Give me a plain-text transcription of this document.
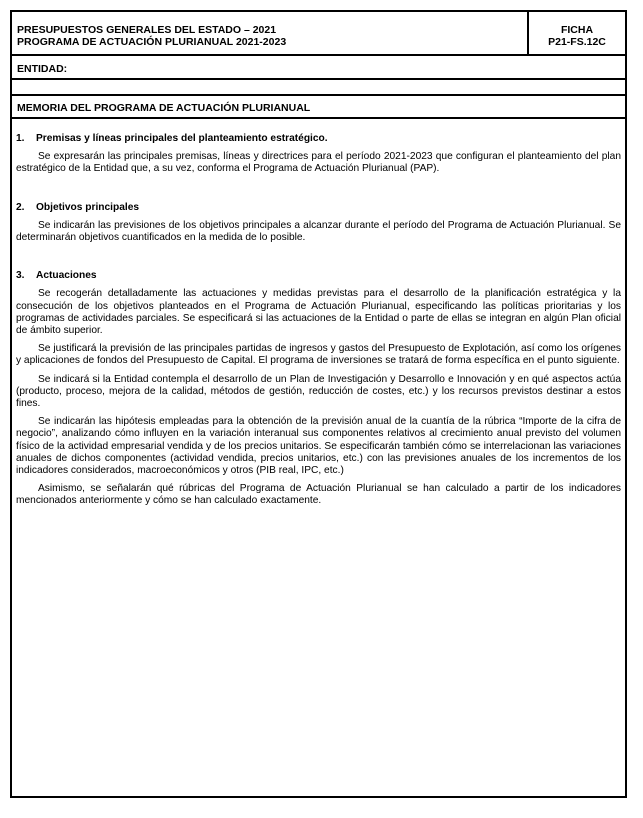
PRESUPUESTOS GENERALES DEL ESTADO – 2021
PROGRAMA DE ACTUACIÓN PLURIANUAL 2021-2023
FICHA
P21-FS.12C
ENTIDAD:
MEMORIA DEL PROGRAMA DE ACTUACIÓN PLURIANUAL
1. Premisas y líneas principales del planteamiento estratégico.

Se expresarán las principales premisas, líneas y directrices para el período 2021-2023 que configuran el planteamiento del plan estratégico de la Entidad que, a su vez, conforma el Programa de Actuación Plurianual (PAP).

2. Objetivos principales

Se indicarán las previsiones de los objetivos principales a alcanzar durante el período del Programa de Actuación Plurianual. Se determinarán objetivos cuantificados en la medida de lo posible.

3. Actuaciones

Se recogerán detalladamente las actuaciones y medidas previstas para el desarrollo de la planificación estratégica y la consecución de los objetivos planteados en el Programa de Actuación Plurianual, especificando las políticas prioritarias y los programas de actividades parciales. Se especificará si las actuaciones de la Entidad o parte de ellas se integran en algún Plan oficial de ámbito superior.

Se justificará la previsión de las principales partidas de ingresos y gastos del Presupuesto de Explotación, así como los orígenes y aplicaciones de fondos del Presupuesto de Capital. El programa de inversiones se tratará de forma específica en el punto siguiente.

Se indicará si la Entidad contempla el desarrollo de un Plan de Investigación y Desarrollo e Innovación y en qué aspectos actúa (producto, proceso, mejora de la calidad, métodos de gestión, reducción de costes, etc.) y los recursos previstos destinar a estos fines.

Se indicarán las hipótesis empleadas para la obtención de la previsión anual de la cuantía de la rúbrica “Importe de la cifra de negocio”, analizando cómo influyen en la variación interanual sus componentes relativos al crecimiento anual previsto del volumen físico de la actividad empresarial vendida y de los precios unitarios. Se especificarán también cómo se interrelacionan las variaciones anuales de dichos componentes (actividad vendida, precios unitarios, etc.) con las previsiones anuales de los incrementos de los indicadores considerados, macroeconómicos y otros (PIB real, IPC, etc.)

Asimismo, se señalarán qué rúbricas del Programa de Actuación Plurianual se han calculado a partir de los indicadores mencionados anteriormente y cómo se han calculado exactamente.
